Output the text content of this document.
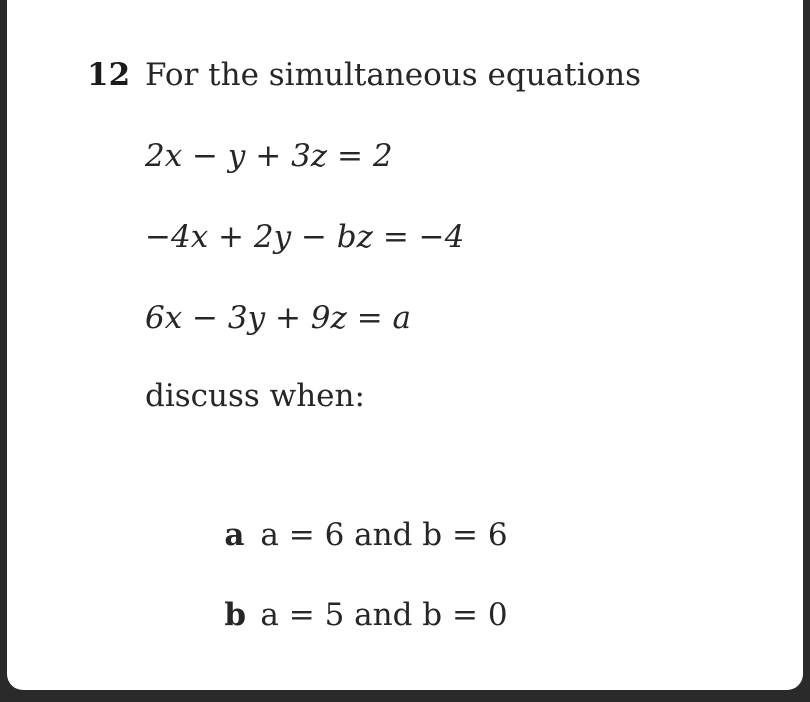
12 For the simultaneous equations
2x − y + 3z = 2
−4x + 2y − bz = −4
6x − 3y + 9z = a
discuss when:

a a = 6 and b = 6

b a = 5 and b = 0
